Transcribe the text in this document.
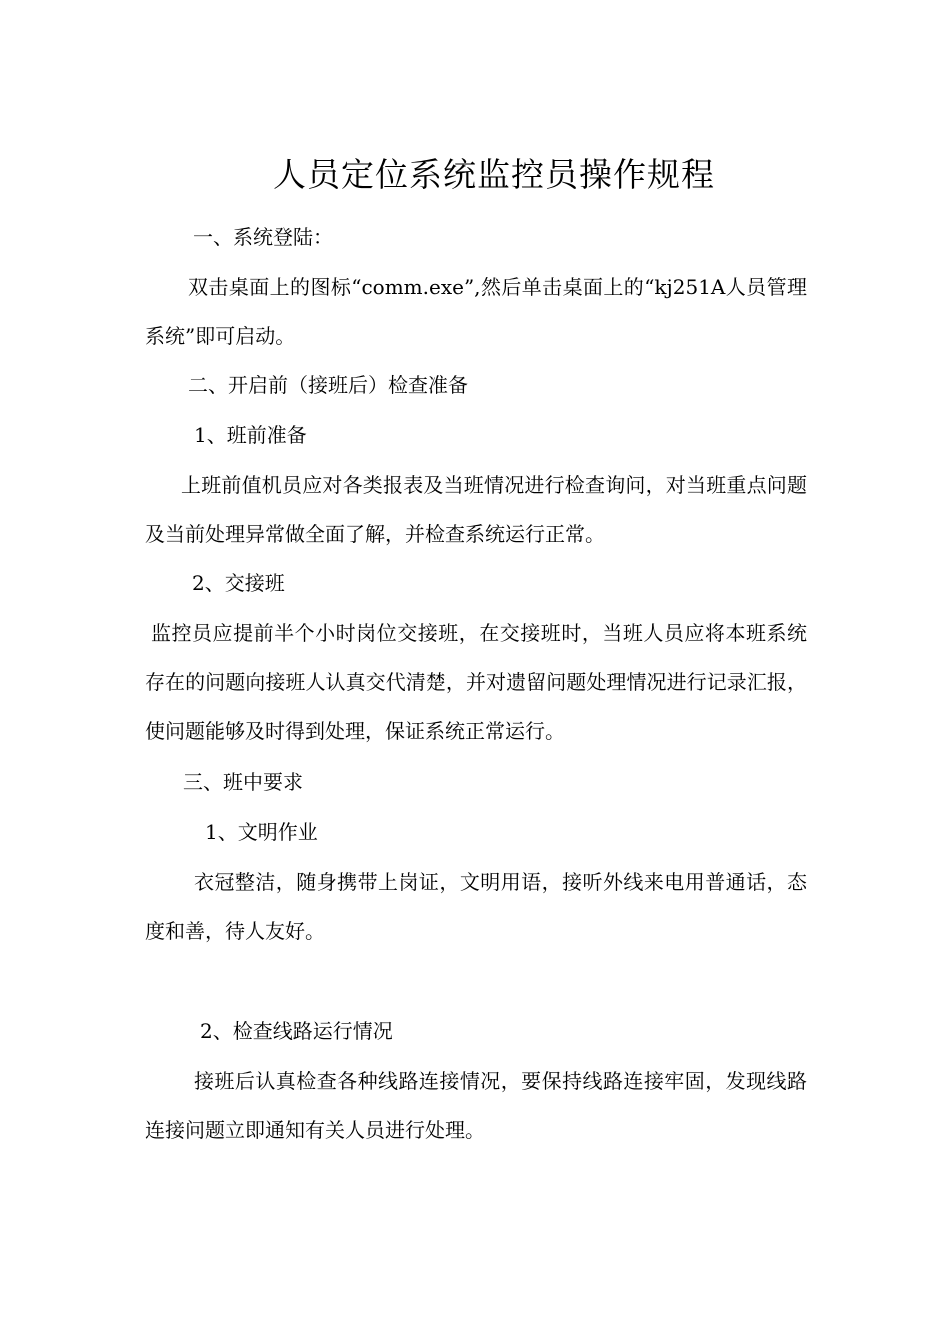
人员定位系统监控员操作规程

一、系统登陆：

双击桌面上的图标“comm.exe”,然后单击桌面上的“kj251A人员管理系统”即可启动。

二、开启前（接班后）检查准备

1、班前准备

上班前值机员应对各类报表及当班情况进行检查询问，对当班重点问题及当前处理异常做全面了解，并检查系统运行正常。

2、交接班

监控员应提前半个小时岗位交接班，在交接班时，当班人员应将本班系统存在的问题向接班人认真交代清楚，并对遗留问题处理情况进行记录汇报，使问题能够及时得到处理，保证系统正常运行。

三、班中要求

1、文明作业

衣冠整洁，随身携带上岗证，文明用语，接听外线来电用普通话，态度和善，待人友好。

2、检查线路运行情况

接班后认真检查各种线路连接情况，要保持线路连接牢固，发现线路连接问题立即通知有关人员进行处理。
